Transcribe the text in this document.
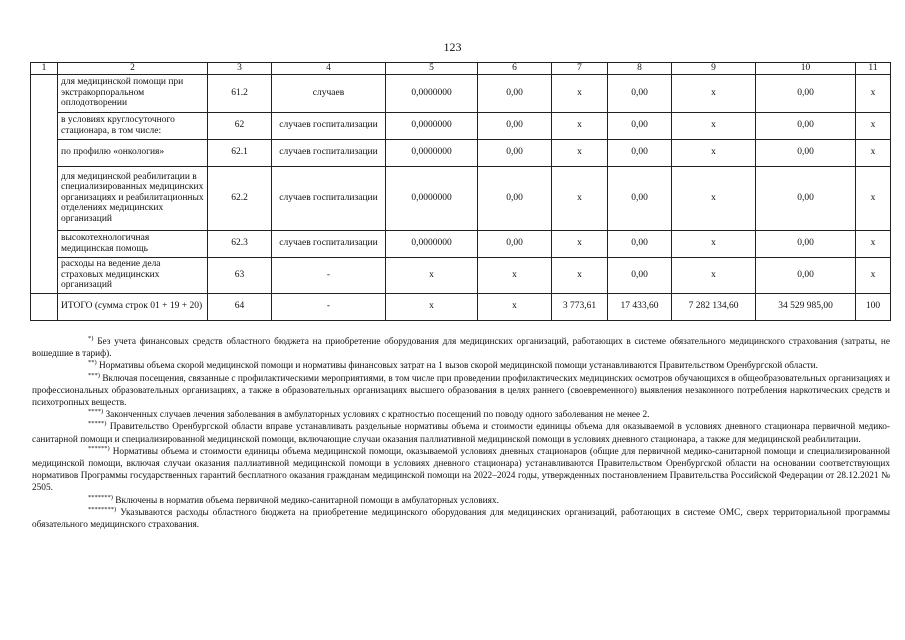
123
1	2	3	4	5	6	7	8	9	10	11
	для медицинской помощи при экстракорпоральном оплодотворении	61.2	случаев	0,0000000	0,00	х	0,00	х	0,00	х
	в условиях круглосуточного стационара, в том числе:	62	случаев госпитализации	0,0000000	0,00	х	0,00	х	0,00	х
	по профилю «онкология»	62.1	случаев госпитализации	0,0000000	0,00	х	0,00	х	0,00	х
	для медицинской реабилитации в специализированных медицинских организациях и реабилитационных отделениях медицинских организаций	62.2	случаев госпитализации	0,0000000	0,00	х	0,00	х	0,00	х
	высокотехнологичная медицинская помощь	62.3	случаев госпитализации	0,0000000	0,00	х	0,00	х	0,00	х
	расходы на ведение дела страховых медицинских организаций	63	-	х	х	х	0,00	х	0,00	х
	ИТОГО (сумма строк 01 + 19 + 20)	64	-	х	х	3 773,61	17 433,60	7 282 134,60	34 529 985,00	100

*) Без учета финансовых средств областного бюджета на приобретение оборудования для медицинских организаций, работающих в системе обязательного медицинского страхования (затраты, не вошедшие в тариф).

**) Нормативы объема скорой медицинской помощи и нормативы финансовых затрат на 1 вызов скорой медицинской помощи устанавливаются Правительством Оренбургской области.

***) Включая посещения, связанные с профилактическими мероприятиями, в том числе при проведении профилактических медицинских осмотров обучающихся в общеобразовательных организациях и профессиональных образовательных организациях, а также в образовательных организациях высшего образования в целях раннего (своевременного) выявления незаконного потребления наркотических средств и психотропных веществ.

****) Законченных случаев лечения заболевания в амбулаторных условиях с кратностью посещений по поводу одного заболевания не менее 2.

*****) Правительство Оренбургской области вправе устанавливать раздельные нормативы объема и стоимости единицы объема для оказываемой в условиях дневного стационара первичной медико-санитарной помощи и специализированной медицинской помощи, включающие случаи оказания паллиативной медицинской помощи в условиях дневного стационара, а также для медицинской реабилитации.

******) Нормативы объема и стоимости единицы объема медицинской помощи, оказываемой условиях дневных стационаров (общие для первичной медико-санитарной помощи и специализированной медицинской помощи, включая случаи оказания паллиативной медицинской помощи в условиях дневного стационара) устанавливаются Правительством Оренбургской области на основании соответствующих нормативов Программы государственных гарантий бесплатного оказания гражданам медицинской помощи на 2022–2024 годы, утвержденных постановлением Правительства Российской Федерации от 28.12.2021 № 2505.

*******) Включены в норматив объема первичной медико-санитарной помощи в амбулаторных условиях.

********) Указываются расходы областного бюджета на приобретение медицинского оборудования для медицинских организаций, работающих в системе ОМС, сверх территориальной программы обязательного медицинского страхования.
